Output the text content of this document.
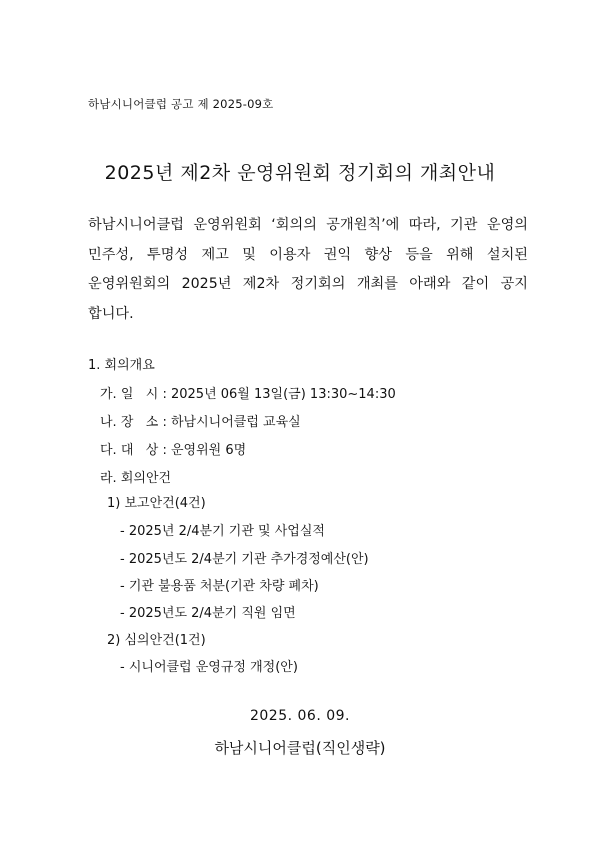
하남시니어클럽 공고 제 2025-09호
2025년 제2차 운영위원회 정기회의 개최안내
하남시니어클럽 운영위원회 ‘회의의 공개원칙’에 따라, 기관 운영의
민주성, 투명성 제고 및 이용자 권익 향상 등을 위해 설치된
운영위원회의 2025년 제2차 정기회의 개최를 아래와 같이 공지
합니다.
1. 회의개요
가. 일   시 : 2025년 06월 13일(금) 13:30~14:30
나. 장   소 : 하남시니어클럽 교육실
다. 대   상 : 운영위원 6명
라. 회의안건
1) 보고안건(4건)
- 2025년 2/4분기 기관 및 사업실적
- 2025년도 2/4분기 기관 추가경정예산(안)
- 기관 불용품 처분(기관 차량 폐차)
- 2025년도 2/4분기 직원 임면
2) 심의안건(1건)
- 시니어클럽 운영규정 개정(안)
2025. 06. 09.
하남시니어클럽(직인생략)
